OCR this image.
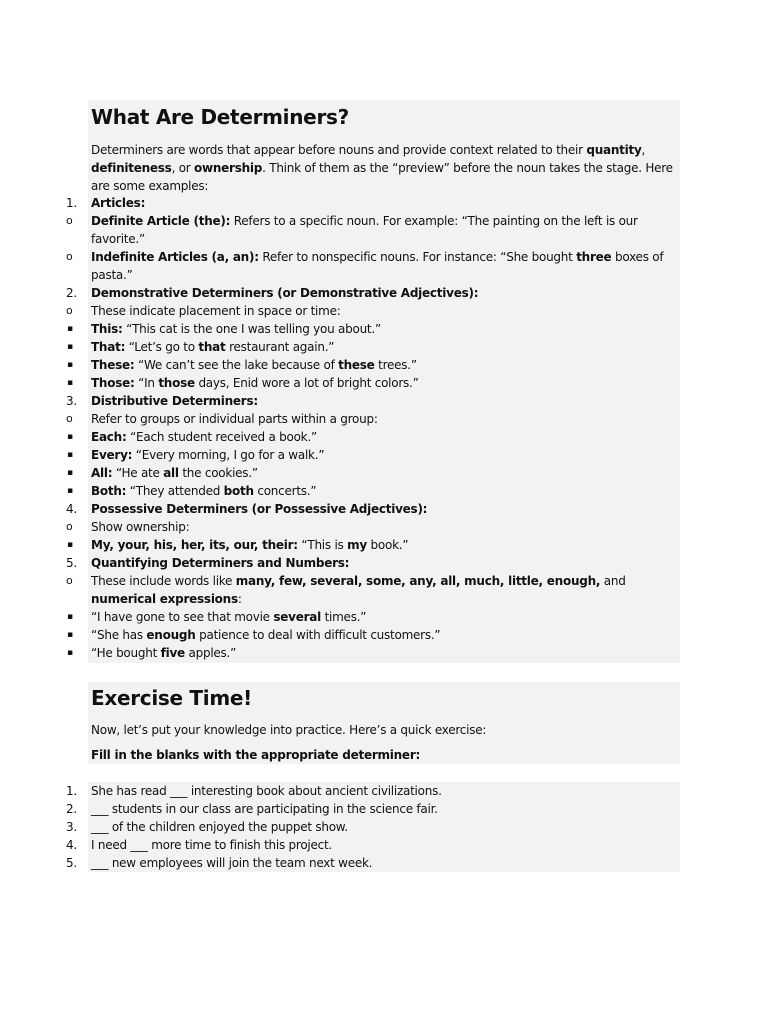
What Are Determiners?
Determiners are words that appear before nouns and provide context related to their quantity, definiteness, or ownership. Think of them as the “preview” before the noun takes the stage. Here are some examples:
1.	Articles:
o	Definite Article (the): Refers to a specific noun. For example: “The painting on the left is our favorite.”
o	Indefinite Articles (a, an): Refer to nonspecific nouns. For instance: “She bought three boxes of pasta.”
2.	Demonstrative Determiners (or Demonstrative Adjectives):
o	These indicate placement in space or time:
▪	This: “This cat is the one I was telling you about.”
▪	That: “Let’s go to that restaurant again.”
▪	These: “We can’t see the lake because of these trees.”
▪	Those: “In those days, Enid wore a lot of bright colors.”
3.	Distributive Determiners:
o	Refer to groups or individual parts within a group:
▪	Each: “Each student received a book.”
▪	Every: “Every morning, I go for a walk.”
▪	All: “He ate all the cookies.”
▪	Both: “They attended both concerts.”
4.	Possessive Determiners (or Possessive Adjectives):
o	Show ownership:
▪	My, your, his, her, its, our, their: “This is my book.”
5.	Quantifying Determiners and Numbers:
o	These include words like many, few, several, some, any, all, much, little, enough, and numerical expressions:
▪	“I have gone to see that movie several times.”
▪	“She has enough patience to deal with difficult customers.”
▪	“He bought five apples.”
Exercise Time!
Now, let’s put your knowledge into practice. Here’s a quick exercise:
Fill in the blanks with the appropriate determiner:
1.	She has read ___ interesting book about ancient civilizations.
2.	___ students in our class are participating in the science fair.
3.	___ of the children enjoyed the puppet show.
4.	I need ___ more time to finish this project.
5.	___ new employees will join the team next week.
